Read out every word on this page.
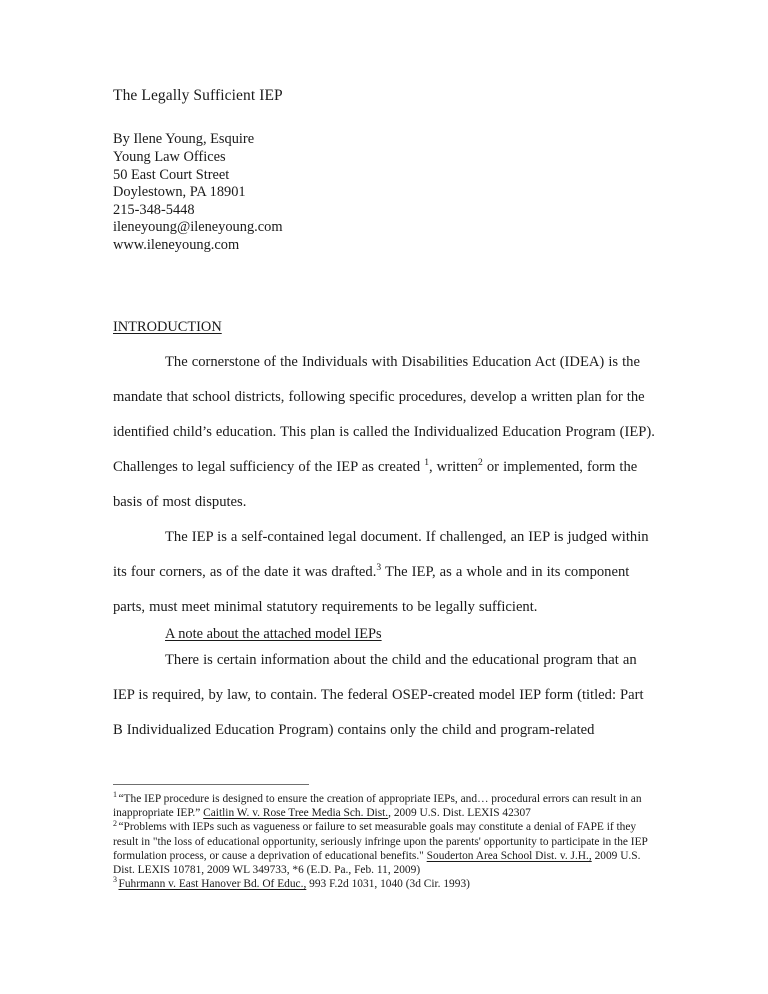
The Legally Sufficient IEP
By Ilene Young, Esquire
Young Law Offices
50 East Court Street
Doylestown, PA 18901
215-348-5448
ileneyoung@ileneyoung.com
www.ileneyoung.com
INTRODUCTION

The cornerstone of the Individuals with Disabilities Education Act (IDEA) is the mandate that school districts, following specific procedures, develop a written plan for the identified child’s education. This plan is called the Individualized Education Program (IEP). Challenges to legal sufficiency of the IEP as created $^1$, written$^2$ or implemented, form the basis of most disputes.

The IEP is a self-contained legal document. If challenged, an IEP is judged within its four corners, as of the date it was drafted.$^3$ The IEP, as a whole and in its component parts, must meet minimal statutory requirements to be legally sufficient.

A note about the attached model IEPs

There is certain information about the child and the educational program that an IEP is required, by law, to contain. The federal OSEP-created model IEP form (titled: Part B Individualized Education Program) contains only the child and program-related

$^1$ “The IEP procedure is designed to ensure the creation of appropriate IEPs, and… procedural errors can result in an inappropriate IEP.” Caitlin W. v. Rose Tree Media Sch. Dist., 2009 U.S. Dist. LEXIS 42307

$^2$ “Problems with IEPs such as vagueness or failure to set measurable goals may constitute a denial of FAPE if they result in "the loss of educational opportunity, seriously infringe upon the parents' opportunity to participate in the IEP formulation process, or cause a deprivation of educational benefits." Souderton Area School Dist. v. J.H., 2009 U.S. Dist. LEXIS 10781, 2009 WL 349733, *6 (E.D. Pa., Feb. 11, 2009)

$^3$ Fuhrmann v. East Hanover Bd. Of Educ., 993 F.2d 1031, 1040 (3d Cir. 1993)
